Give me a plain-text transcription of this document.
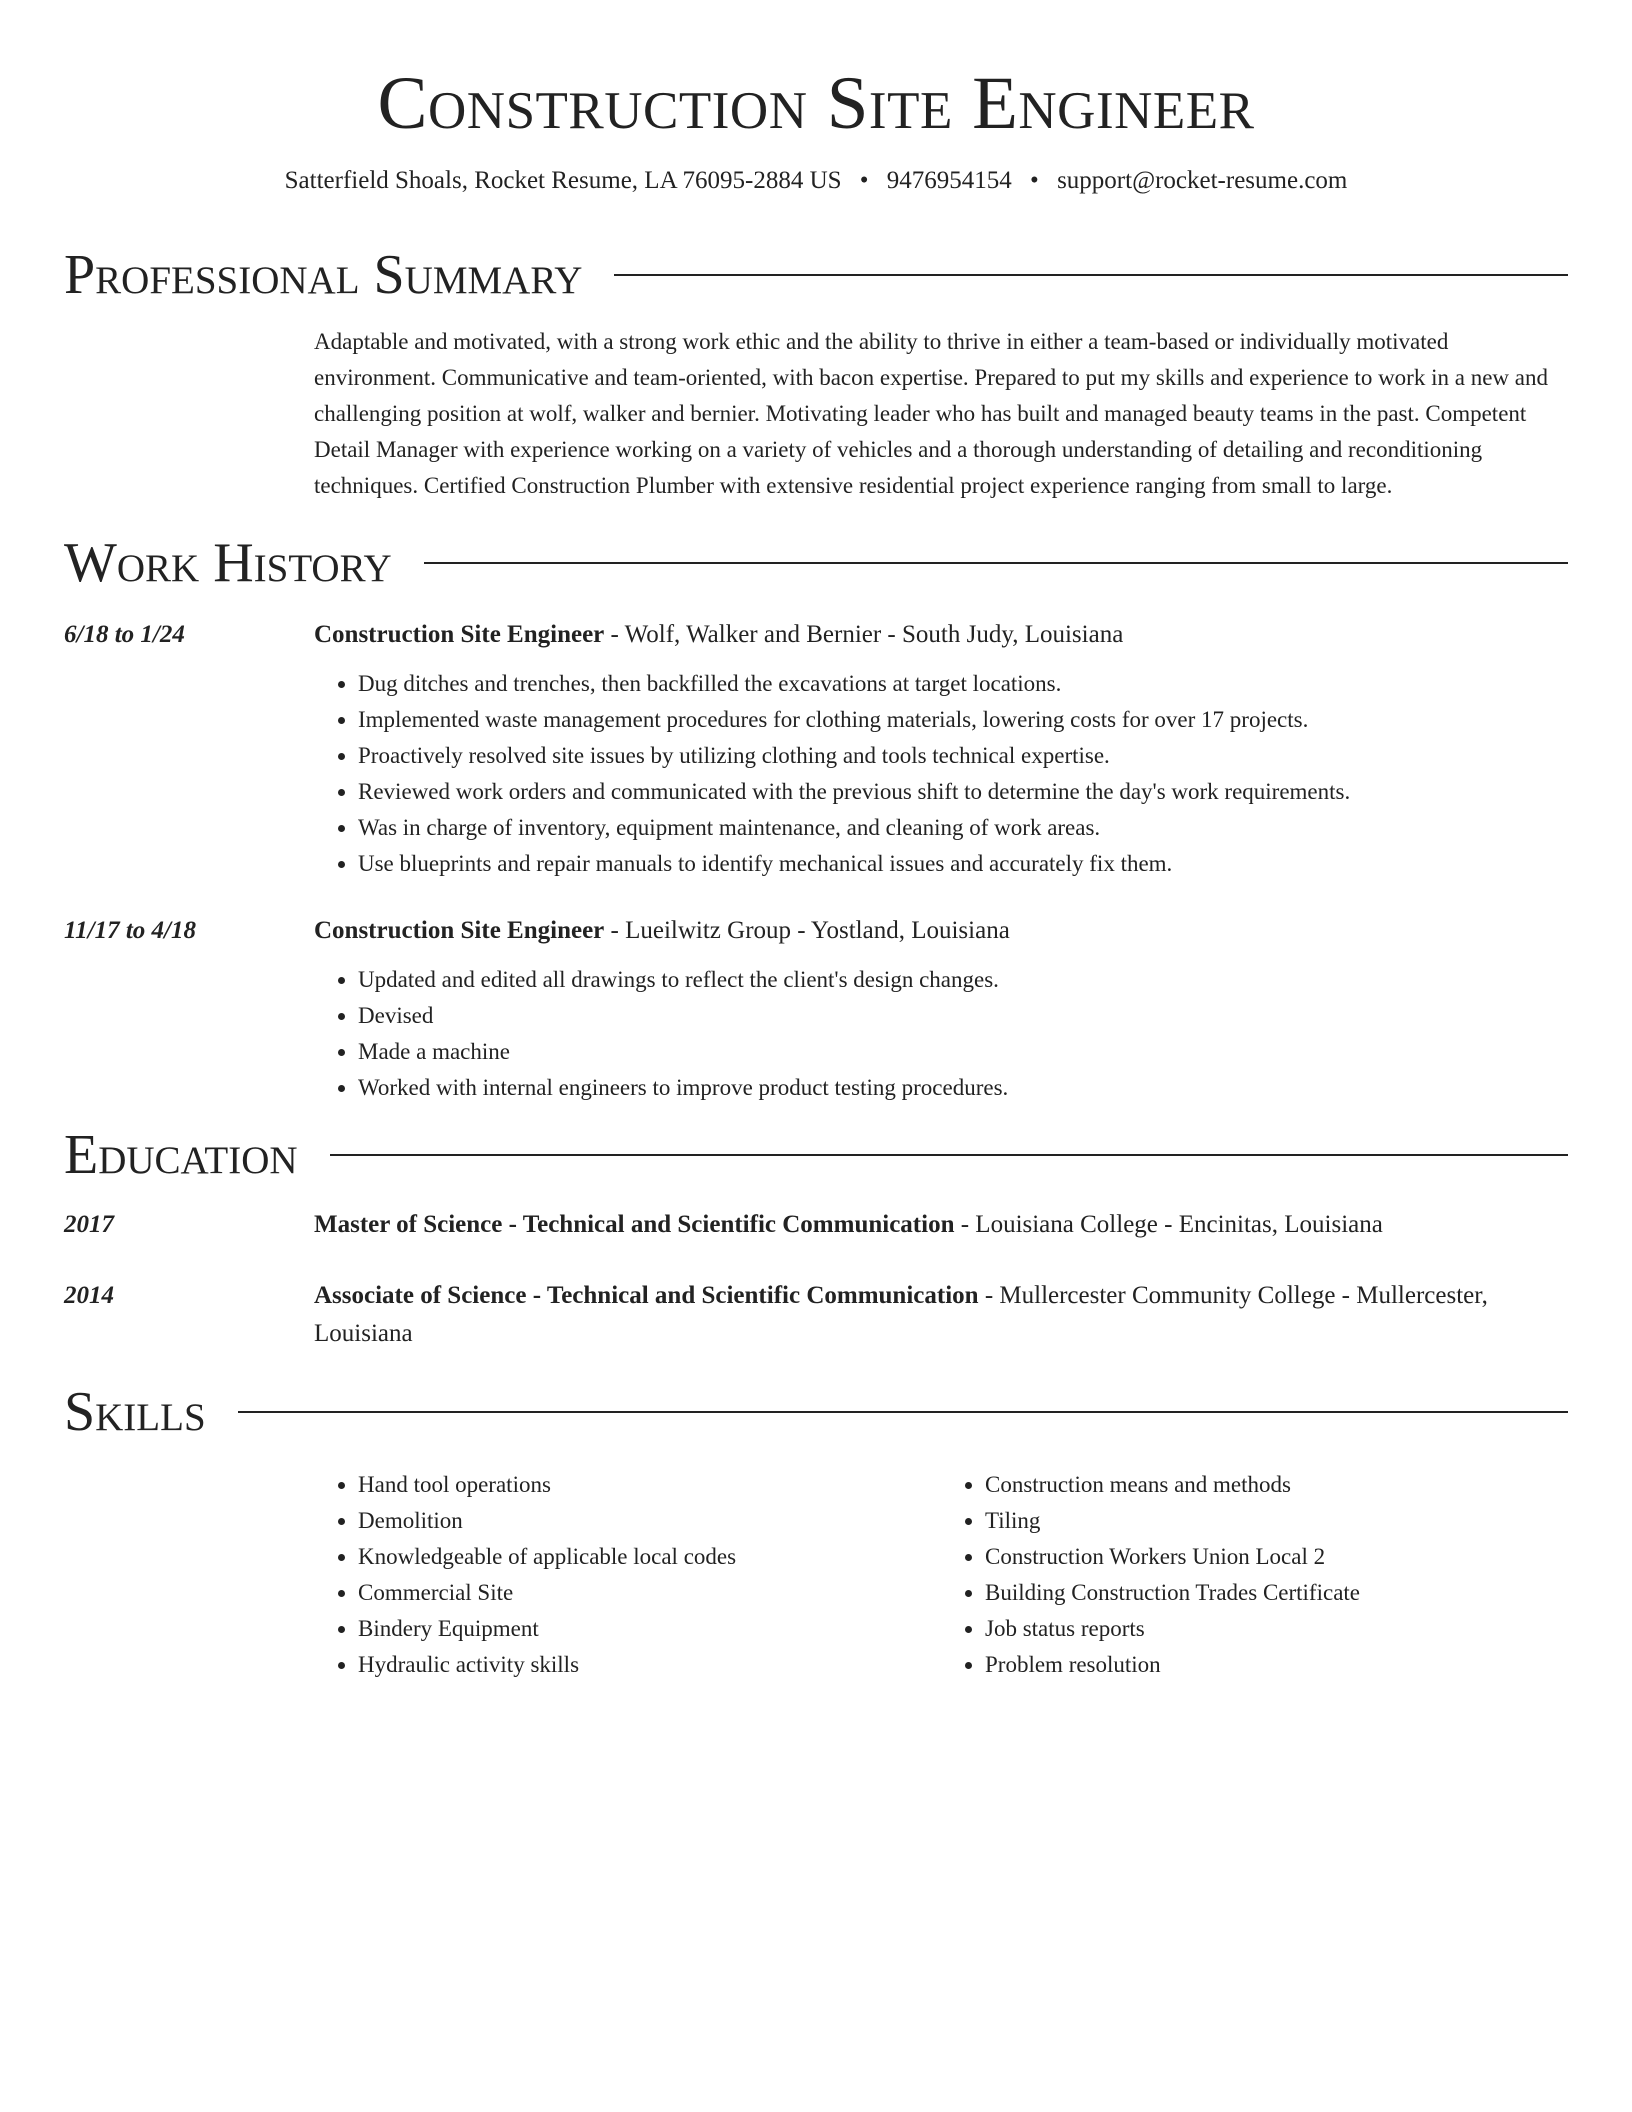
Construction Site Engineer
Satterfield Shoals, Rocket Resume, LA 76095-2884 US • 9476954154 • support@rocket-resume.com
Professional Summary
Adaptable and motivated, with a strong work ethic and the ability to thrive in either a team-based or individually motivated environment. Communicative and team-oriented, with bacon expertise. Prepared to put my skills and experience to work in a new and challenging position at wolf, walker and bernier. Motivating leader who has built and managed beauty teams in the past. Competent Detail Manager with experience working on a variety of vehicles and a thorough understanding of detailing and reconditioning techniques. Certified Construction Plumber with extensive residential project experience ranging from small to large.
Work History
6/18 to 1/24	Construction Site Engineer - Wolf, Walker and Bernier - South Judy, Louisiana
• Dug ditches and trenches, then backfilled the excavations at target locations.
• Implemented waste management procedures for clothing materials, lowering costs for over 17 projects.
• Proactively resolved site issues by utilizing clothing and tools technical expertise.
• Reviewed work orders and communicated with the previous shift to determine the day's work requirements.
• Was in charge of inventory, equipment maintenance, and cleaning of work areas.
• Use blueprints and repair manuals to identify mechanical issues and accurately fix them.
11/17 to 4/18	Construction Site Engineer - Lueilwitz Group - Yostland, Louisiana
• Updated and edited all drawings to reflect the client's design changes.
• Devised
• Made a machine
• Worked with internal engineers to improve product testing procedures.
Education
2017	Master of Science - Technical and Scientific Communication - Louisiana College - Encinitas, Louisiana
2014	Associate of Science - Technical and Scientific Communication - Mullercester Community College - Mullercester, Louisiana
Skills
• Hand tool operations
• Demolition
• Knowledgeable of applicable local codes
• Commercial Site
• Bindery Equipment
• Hydraulic activity skills
• Construction means and methods
• Tiling
• Construction Workers Union Local 2
• Building Construction Trades Certificate
• Job status reports
• Problem resolution
